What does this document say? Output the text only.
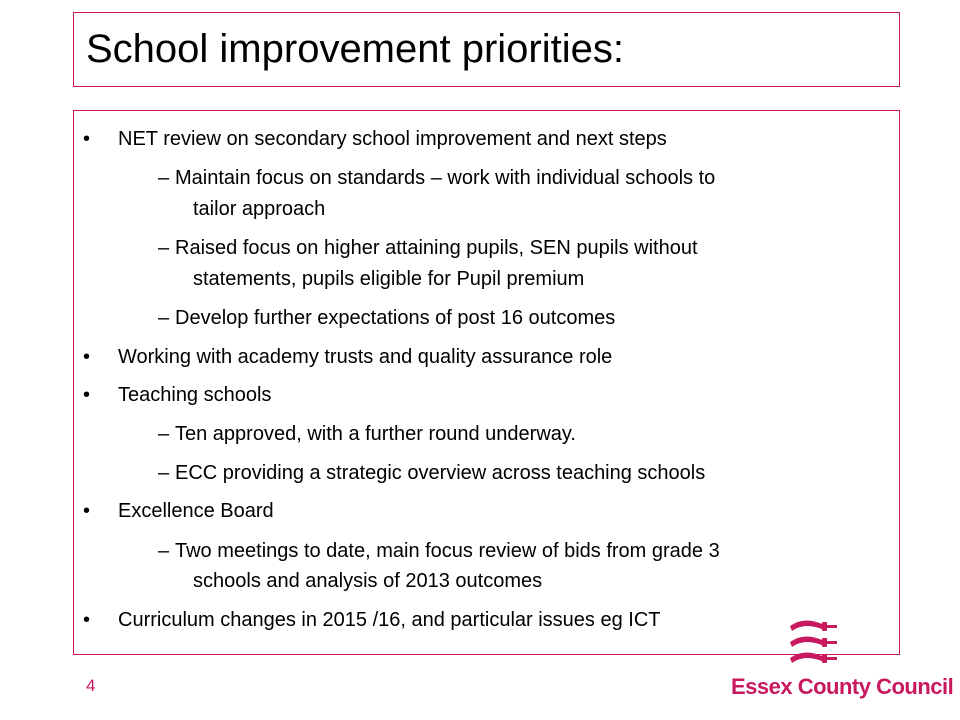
School improvement priorities:
•	NET review on secondary school improvement and next steps
– Maintain focus on standards – work with individual schools to
tailor approach
– Raised focus on higher attaining pupils, SEN pupils without
statements, pupils eligible for Pupil premium
– Develop further expectations of post 16 outcomes
•	Working with academy trusts and quality assurance role
•	Teaching schools
– Ten approved, with a further round underway.
– ECC providing a strategic overview across teaching schools
•	Excellence Board
– Two meetings to date, main focus review of bids from grade 3
schools and analysis of 2013 outcomes
•	Curriculum changes in 2015 /16, and particular issues eg ICT
4	Essex County Council
